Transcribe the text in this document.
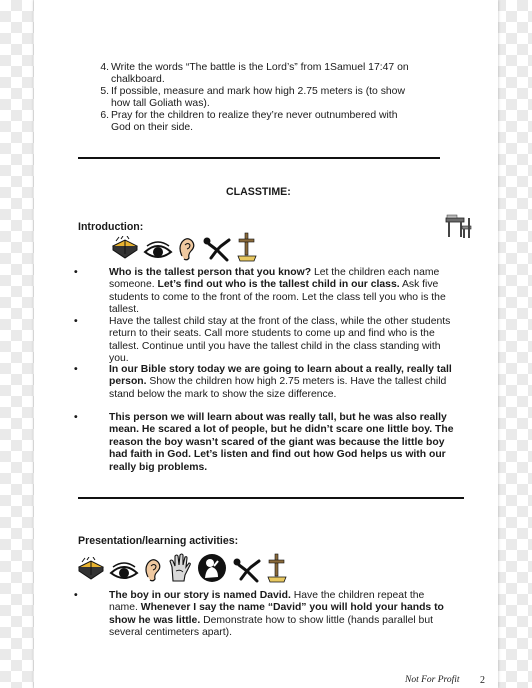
4. Write the words “The battle is the Lord’s” from 1Samuel 17:47 on chalkboard.
5. If possible, measure and mark how high 2.75 meters is (to show how tall Goliath was).
6. Pray for the children to realize they’re never outnumbered with God on their side.
CLASSTIME:
Introduction:
•	Who is the tallest person that you know? Let the children each name someone. Let’s find out who is the tallest child in our class. Ask five students to come to the front of the room. Let the class tell you who is the tallest.
•	Have the tallest child stay at the front of the class, while the other students return to their seats. Call more students to come up and find who is the tallest. Continue until you have the tallest child in the class standing with you.
•	In our Bible story today we are going to learn about a really, really tall person. Show the children how high 2.75 meters is. Have the tallest child stand below the mark to show the size difference.
•	This person we will learn about was really tall, but he was also really mean. He scared a lot of people, but he didn’t scare one little boy. The reason the boy wasn’t scared of the giant was because the little boy had faith in God. Let’s listen and find out how God helps us with our really big problems.
Presentation/learning activities:
•	The boy in our story is named David. Have the children repeat the name. Whenever I say the name “David” you will hold your hands to show he was little. Demonstrate how to show little (hands parallel but several centimeters apart).
Not For Profit 2
